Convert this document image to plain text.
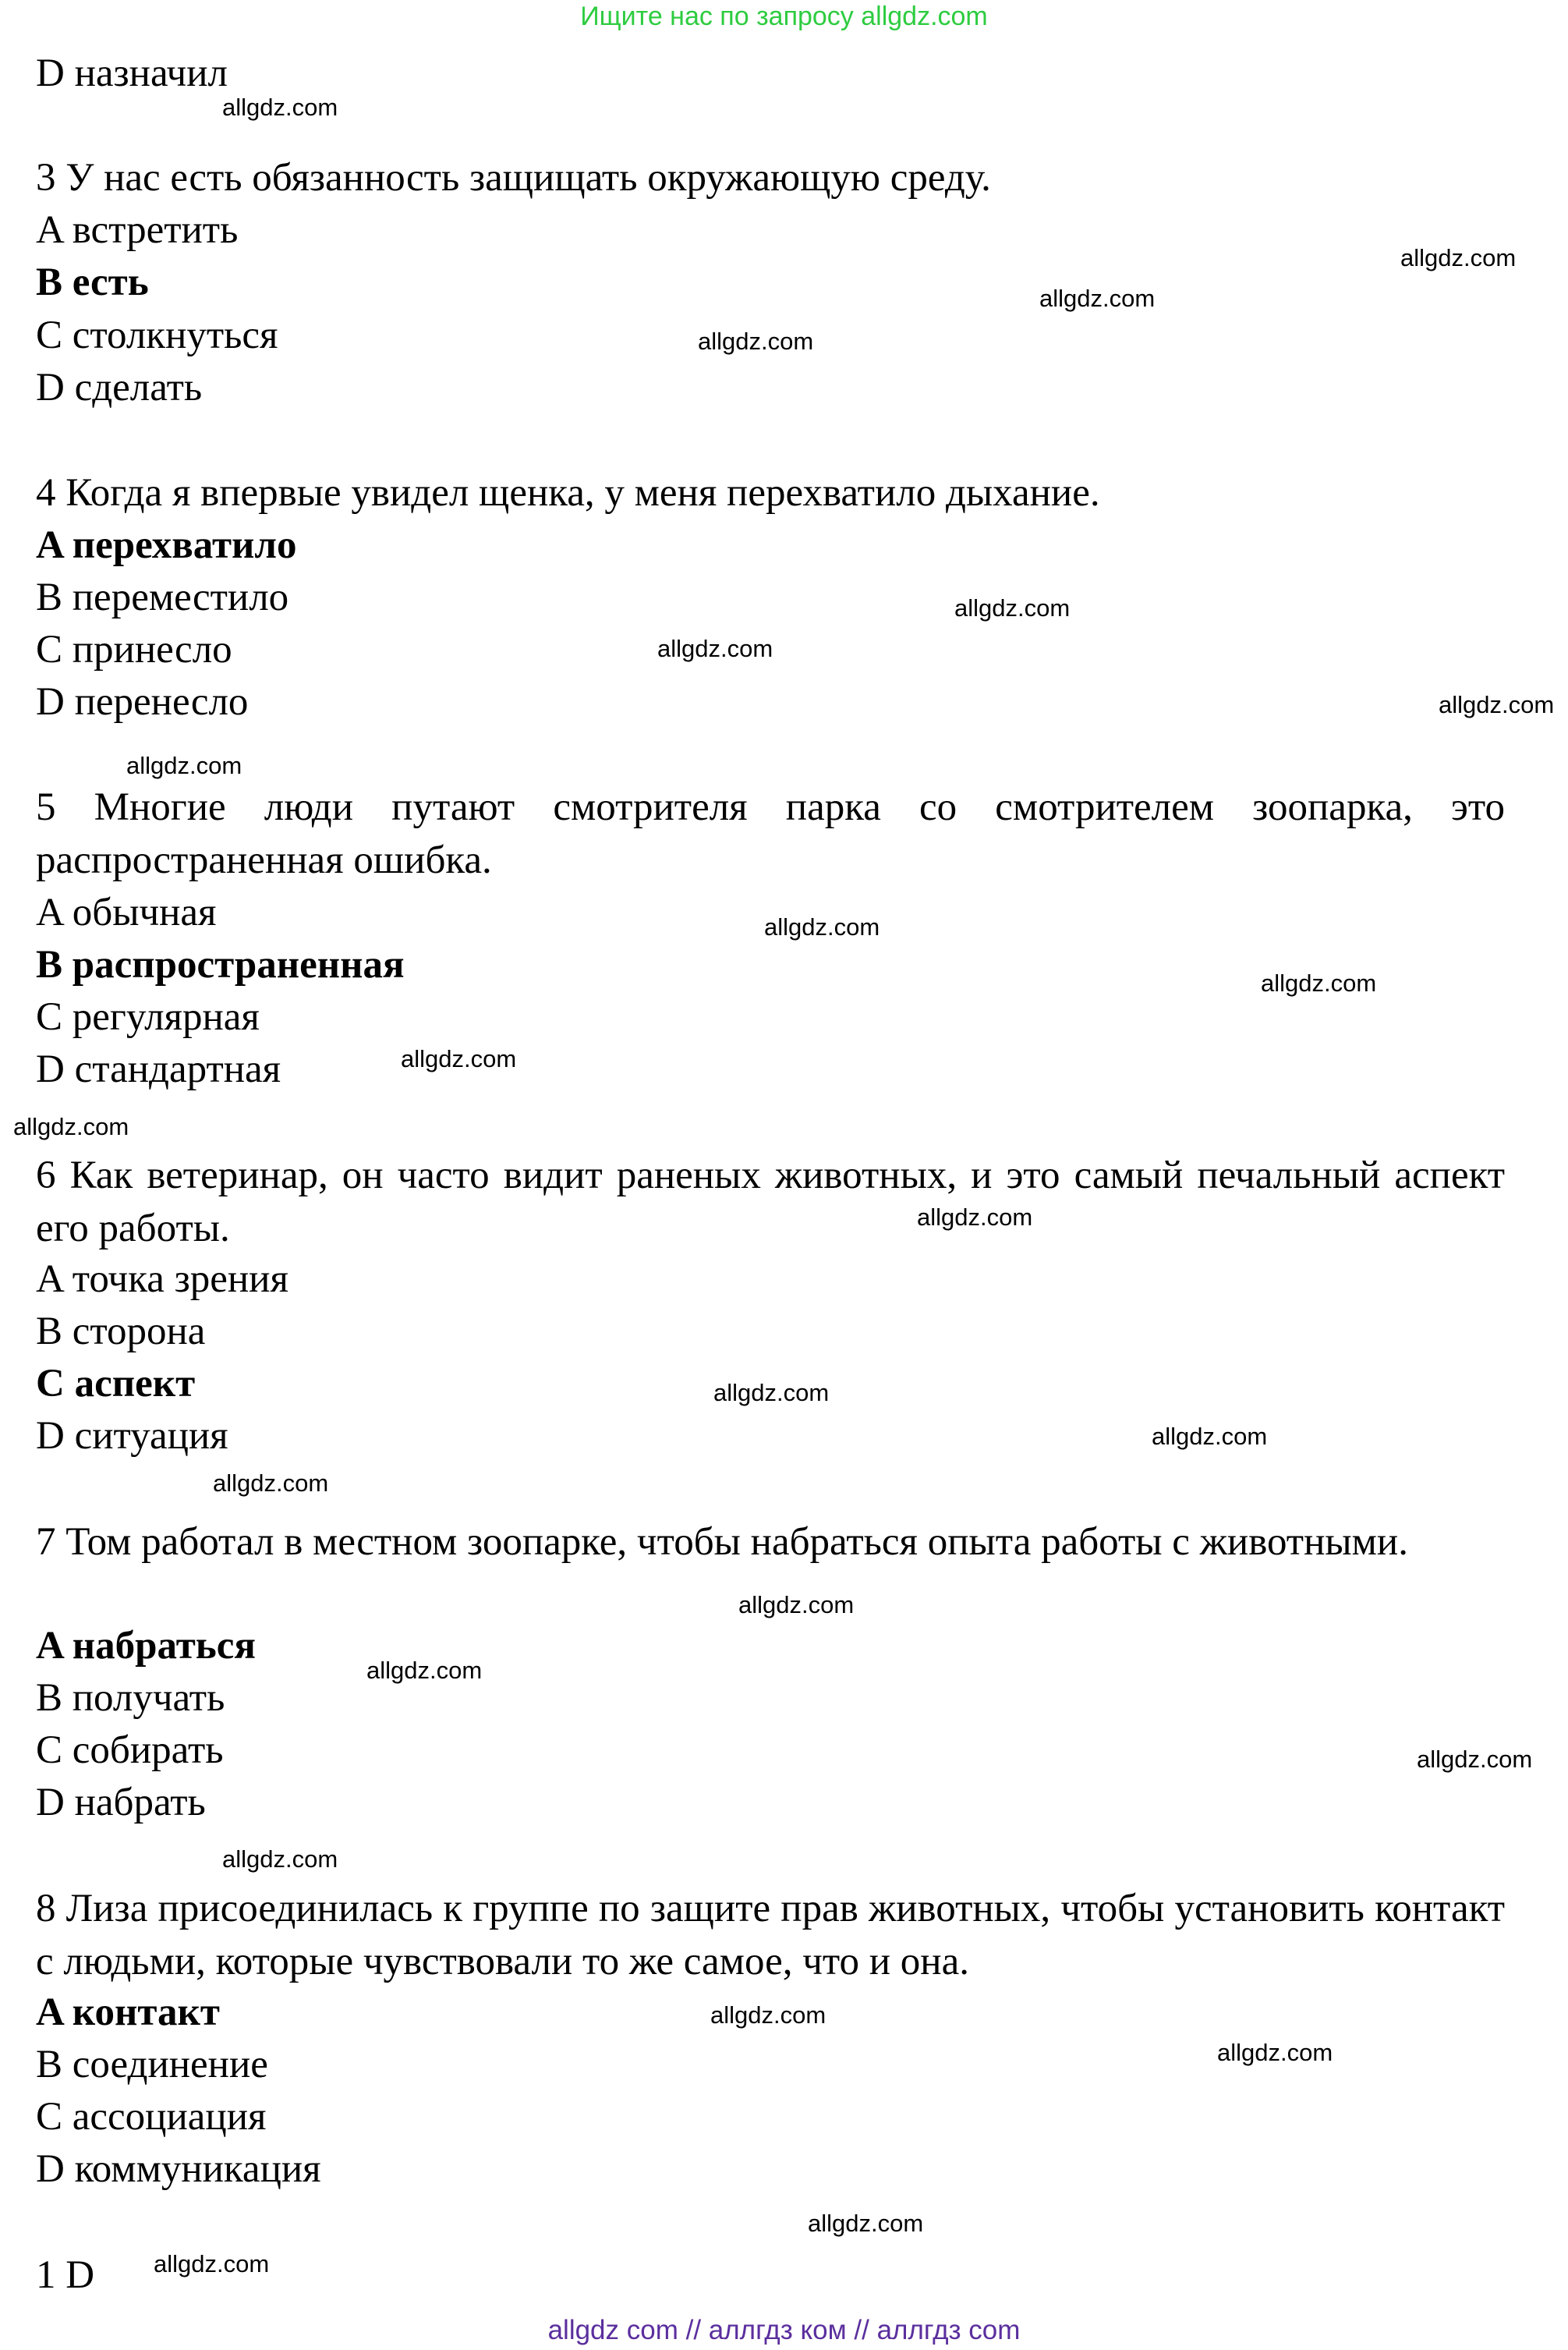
Ищите нас по запросу allgdz.com
D назначил
3 У нас есть обязанность защищать окружающую среду.
A встретить
B есть
C столкнуться
D сделать
4 Когда я впервые увидел щенка, у меня перехватило дыхание.
A перехватило
B переместило
C принесло
D перенесло
5 Многие люди путают смотрителя парка со смотрителем зоопарка, это распространенная ошибка.
A обычная
B распространенная
C регулярная
D стандартная
6 Как ветеринар, он часто видит раненых животных, и это самый печальный аспект его работы.
A точка зрения
B сторона
C аспект
D ситуация
7 Том работал в местном зоопарке, чтобы набраться опыта работы с животными.
A набраться
B получать
C собирать
D набрать
8 Лиза присоединилась к группе по защите прав животных, чтобы установить контакт с людьми, которые чувствовали то же самое, что и она.
A контакт
B соединение
C ассоциация
D коммуникация
1 D
allgdz.com
allgdz.com
allgdz.com
allgdz.com
allgdz.com
allgdz.com
allgdz.com
allgdz.com
allgdz.com
allgdz.com
allgdz.com
allgdz.com
allgdz.com
allgdz.com
allgdz.com
allgdz.com
allgdz.com
allgdz.com
allgdz.com
allgdz.com
allgdz.com
allgdz.com
allgdz.com
allgdz.com
allgdz com // аллгдз ком // аллгдз com
